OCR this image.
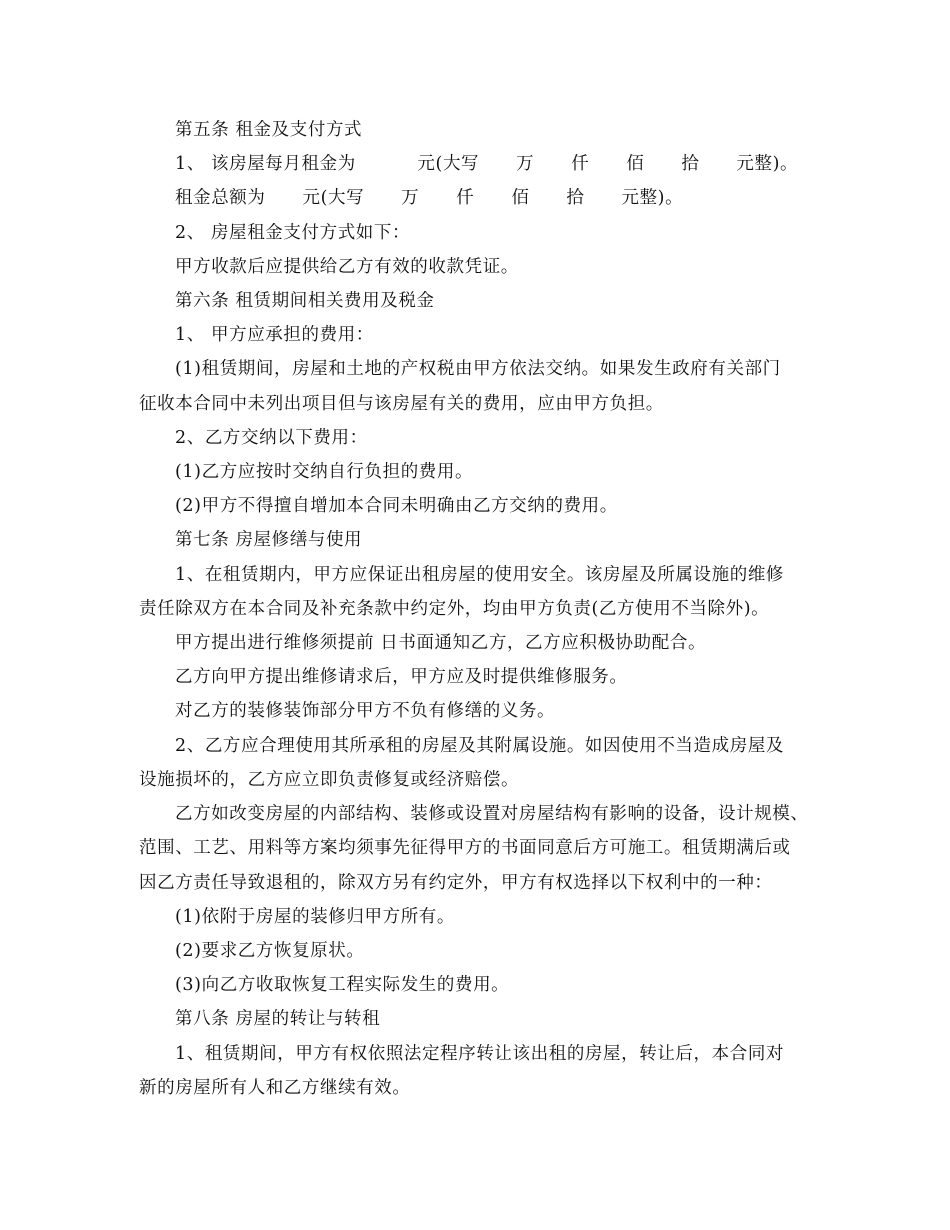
第五条 租金及支付方式
1、 该房屋每月租金为          元(大写      万      仟      佰      拾      元整)。
租金总额为      元(大写      万      仟      佰      拾      元整)。
2、 房屋租金支付方式如下：
甲方收款后应提供给乙方有效的收款凭证。
第六条 租赁期间相关费用及税金
1、 甲方应承担的费用：
(1)租赁期间，房屋和土地的产权税由甲方依法交纳。如果发生政府有关部门
征收本合同中未列出项目但与该房屋有关的费用，应由甲方负担。
2、乙方交纳以下费用：
(1)乙方应按时交纳自行负担的费用。
(2)甲方不得擅自增加本合同未明确由乙方交纳的费用。
第七条 房屋修缮与使用
1、在租赁期内，甲方应保证出租房屋的使用安全。该房屋及所属设施的维修
责任除双方在本合同及补充条款中约定外，均由甲方负责(乙方使用不当除外)。
甲方提出进行维修须提前 日书面通知乙方，乙方应积极协助配合。
乙方向甲方提出维修请求后，甲方应及时提供维修服务。
对乙方的装修装饰部分甲方不负有修缮的义务。
2、乙方应合理使用其所承租的房屋及其附属设施。如因使用不当造成房屋及
设施损坏的，乙方应立即负责修复或经济赔偿。
乙方如改变房屋的内部结构、装修或设置对房屋结构有影响的设备，设计规模、
范围、工艺、用料等方案均须事先征得甲方的书面同意后方可施工。租赁期满后或
因乙方责任导致退租的，除双方另有约定外，甲方有权选择以下权利中的一种：
(1)依附于房屋的装修归甲方所有。
(2)要求乙方恢复原状。
(3)向乙方收取恢复工程实际发生的费用。
第八条 房屋的转让与转租
1、租赁期间，甲方有权依照法定程序转让该出租的房屋，转让后，本合同对
新的房屋所有人和乙方继续有效。
